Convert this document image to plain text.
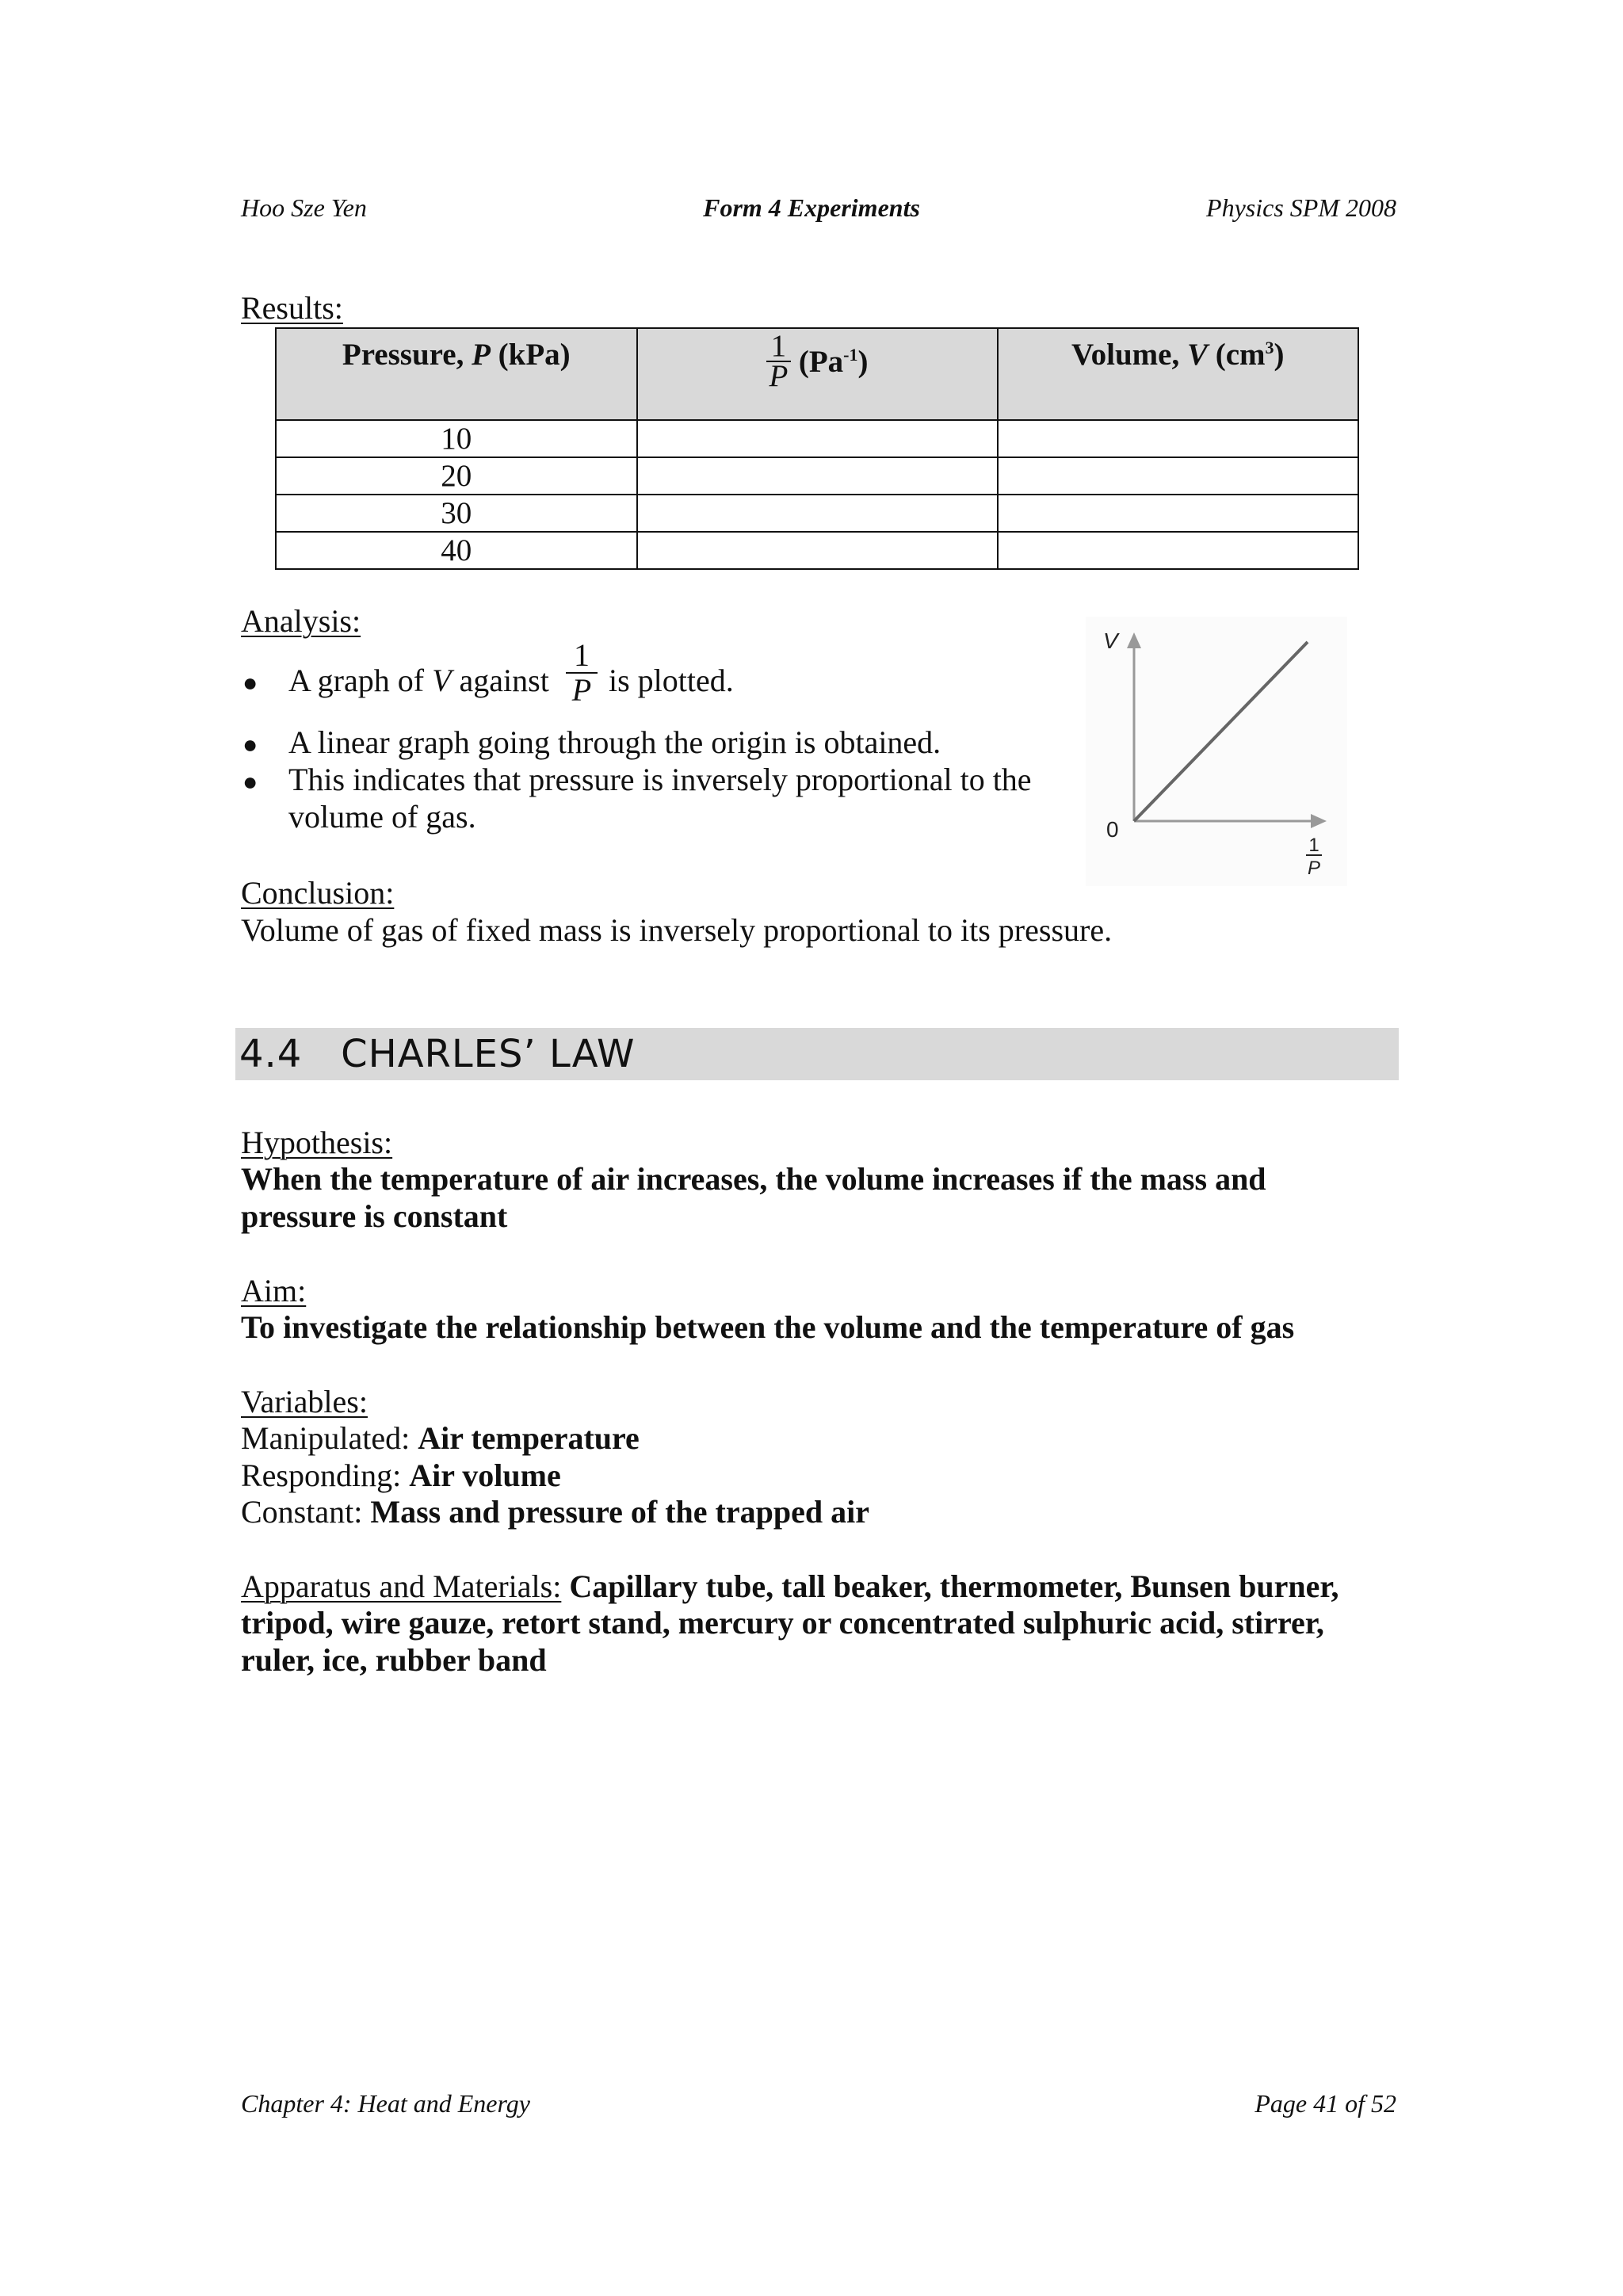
Hoo Sze Yen	Form 4 Experiments	Physics SPM 2008
Results:
Pressure, P (kPa)	$\frac{1}{P} (Pa^{-1})$	Volume, V $(cm^3)$
10		
20		
30		
40		
Analysis:
● A graph of V against
1
P is plotted.
● A linear graph going through the origin is obtained.
● This indicates that pressure is inversely proportional to the
volume of gas.
V
0
1
P
Conclusion:
Volume of gas of fixed mass is inversely proportional to its pressure.
4.4   CHARLES’ LAW
Hypothesis:
When the temperature of air increases, the volume increases if the mass and
pressure is constant
Aim:
To investigate the relationship between the volume and the temperature of gas
Variables:
Manipulated: Air temperature
Responding: Air volume
Constant: Mass and pressure of the trapped air
Apparatus and Materials: Capillary tube, tall beaker, thermometer, Bunsen burner,
tripod, wire gauze, retort stand, mercury or concentrated sulphuric acid, stirrer,
ruler, ice, rubber band
Chapter 4: Heat and Energy	Page 41 of 52
